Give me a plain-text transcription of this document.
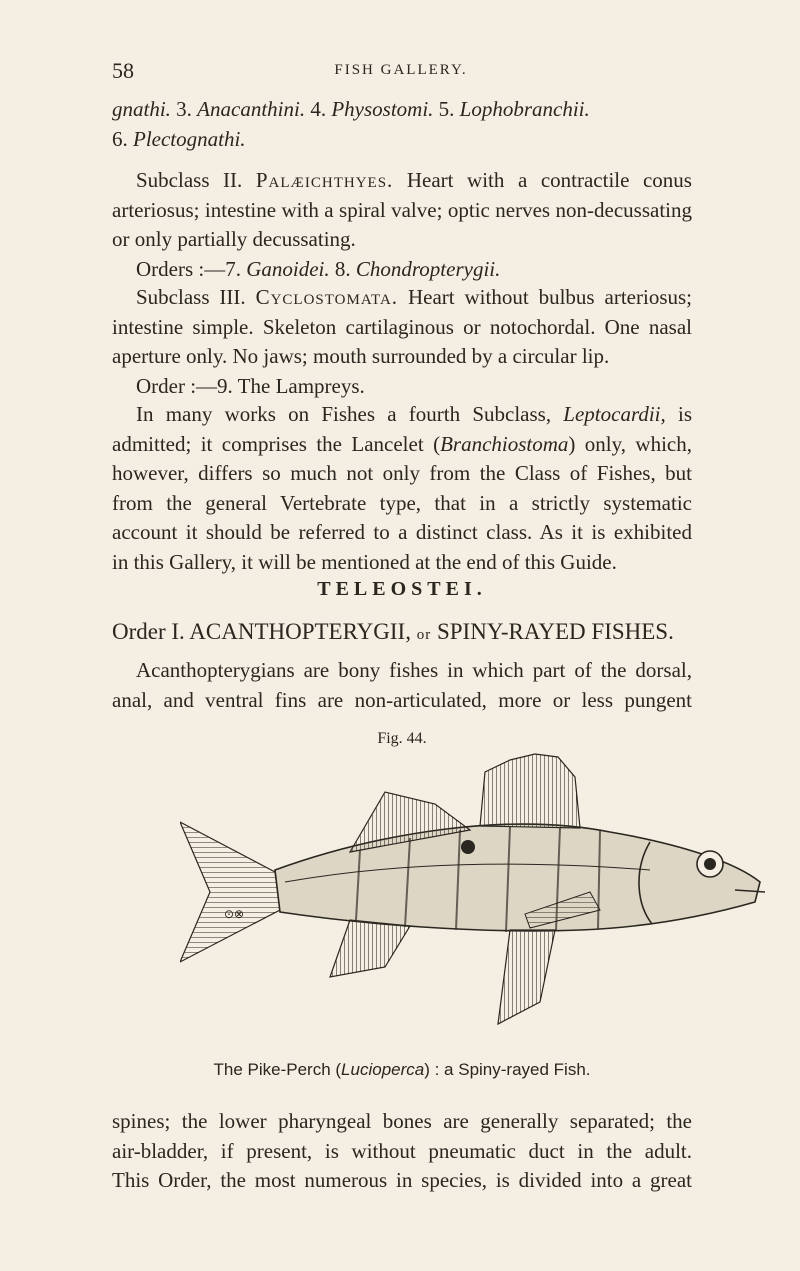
58	FISH GALLERY.
gnathi. 3. Anacanthini. 4. Physostomi. 5. Lophobranchii.
6. Plectognathi.
Subclass II. Palæichthyes. Heart with a contractile conus
arteriosus; intestine with a spiral valve; optic nerves non-decussating
or only partially decussating.
Orders :—7. Ganoidei. 8. Chondropterygii.
Subclass III. Cyclostomata. Heart without bulbus arteriosus;
intestine simple. Skeleton cartilaginous or notochordal. One nasal
aperture only. No jaws; mouth surrounded by a circular lip.
Order :—9. The Lampreys.
In many works on Fishes a fourth Subclass, Leptocardii, is
admitted; it comprises the Lancelet (Branchiostoma) only, which,
however, differs so much not only from the Class of Fishes, but
from the general Vertebrate type, that in a strictly systematic
account it should be referred to a distinct class. As it is exhibited
in this Gallery, it will be mentioned at the end of this Guide.
TELEOSTEI.
Order I. ACANTHOPTERYGII, or SPINY-RAYED FISHES.
Acanthopterygians are bony fishes in which part of the dorsal,
anal, and ventral fins are non-articulated, more or less pungent
Fig. 44.
⊙⊗
The Pike-Perch (Lucioperca) : a Spiny-rayed Fish.
spines; the lower pharyngeal bones are generally separated; the
air-bladder, if present, is without pneumatic duct in the adult.
This Order, the most numerous in species, is divided into a great
